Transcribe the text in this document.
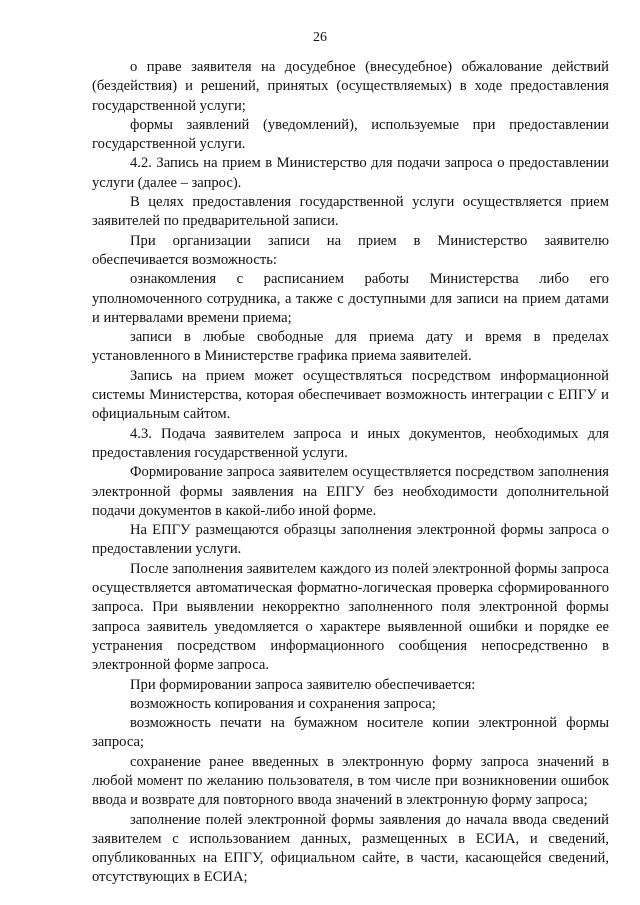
26

о праве заявителя на досудебное (внесудебное) обжалование действий (бездействия) и решений, принятых (осуществляемых) в ходе предоставления государственной услуги;

формы заявлений (уведомлений), используемые при предоставлении государственной услуги.

4.2. Запись на прием в Министерство для подачи запроса о предоставлении услуги (далее – запрос).

В целях предоставления государственной услуги осуществляется прием заявителей по предварительной записи.

При организации записи на прием в Министерство заявителю обеспечивается возможность:

ознакомления с расписанием работы Министерства либо его уполномоченного сотрудника, а также с доступными для записи на прием датами и интервалами времени приема;

записи в любые свободные для приема дату и время в пределах установленного в Министерстве графика приема заявителей.

Запись на прием может осуществляться посредством информационной системы Министерства, которая обеспечивает возможность интеграции с ЕПГУ и официальным сайтом.

4.3. Подача заявителем запроса и иных документов, необходимых для предоставления государственной услуги.

Формирование запроса заявителем осуществляется посредством заполнения электронной формы заявления на ЕПГУ без необходимости дополнительной подачи документов в какой-либо иной форме.

На ЕПГУ размещаются образцы заполнения электронной формы запроса о предоставлении услуги.

После заполнения заявителем каждого из полей электронной формы запроса осуществляется автоматическая форматно-логическая проверка сформированного запроса. При выявлении некорректно заполненного поля электронной формы запроса заявитель уведомляется о характере выявленной ошибки и порядке ее устранения посредством информационного сообщения непосредственно в электронной форме запроса.

При формировании запроса заявителю обеспечивается:

возможность копирования и сохранения запроса;

возможность печати на бумажном носителе копии электронной формы запроса;

сохранение ранее введенных в электронную форму запроса значений в любой момент по желанию пользователя, в том числе при возникновении ошибок ввода и возврате для повторного ввода значений в электронную форму запроса;

заполнение полей электронной формы заявления до начала ввода сведений заявителем с использованием данных, размещенных в ЕСИА, и сведений, опубликованных на ЕПГУ, официальном сайте, в части, касающейся сведений, отсутствующих в ЕСИА;
